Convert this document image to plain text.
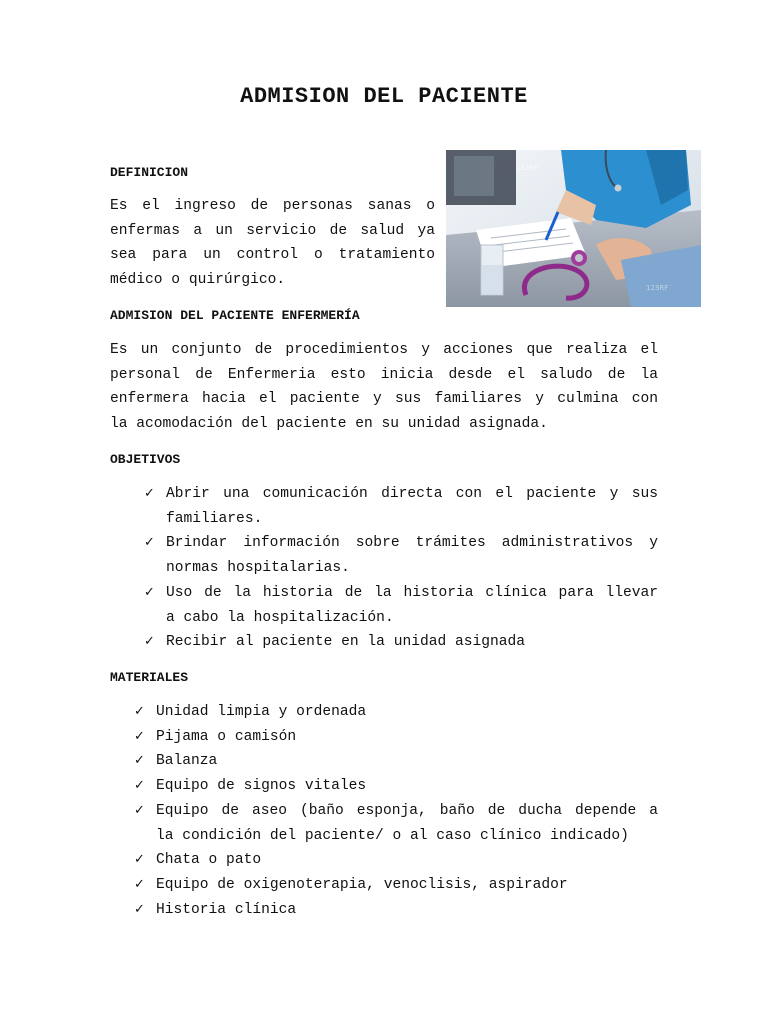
ADMISION DEL PACIENTE
DEFINICION
Es el ingreso de personas sanas o
enfermas a un servicio de salud ya
sea para un control o tratamiento
médico o quirúrgico.
123RF
123RF
ADMISION DEL PACIENTE ENFERMERÍA
Es un conjunto de procedimientos y acciones que realiza el
personal de Enfermeria esto inicia desde el saludo de la
enfermera hacia el paciente y sus familiares y culmina con
la acomodación del paciente en su unidad asignada.
OBJETIVOS
✓ Abrir una comunicación directa con el paciente y sus
familiares.
✓ Brindar información sobre trámites administrativos y
normas hospitalarias.
✓ Uso de la historia de la historia clínica para llevar
a cabo la hospitalización.
✓ Recibir al paciente en la unidad asignada
MATERIALES
✓ Unidad limpia y ordenada
✓ Pijama o camisón
✓ Balanza
✓ Equipo de signos vitales
✓ Equipo de aseo (baño esponja, baño de ducha depende a
la condición del paciente/ o al caso clínico indicado)
✓ Chata o pato
✓ Equipo de oxigenoterapia, venoclisis, aspirador
✓ Historia clínica
